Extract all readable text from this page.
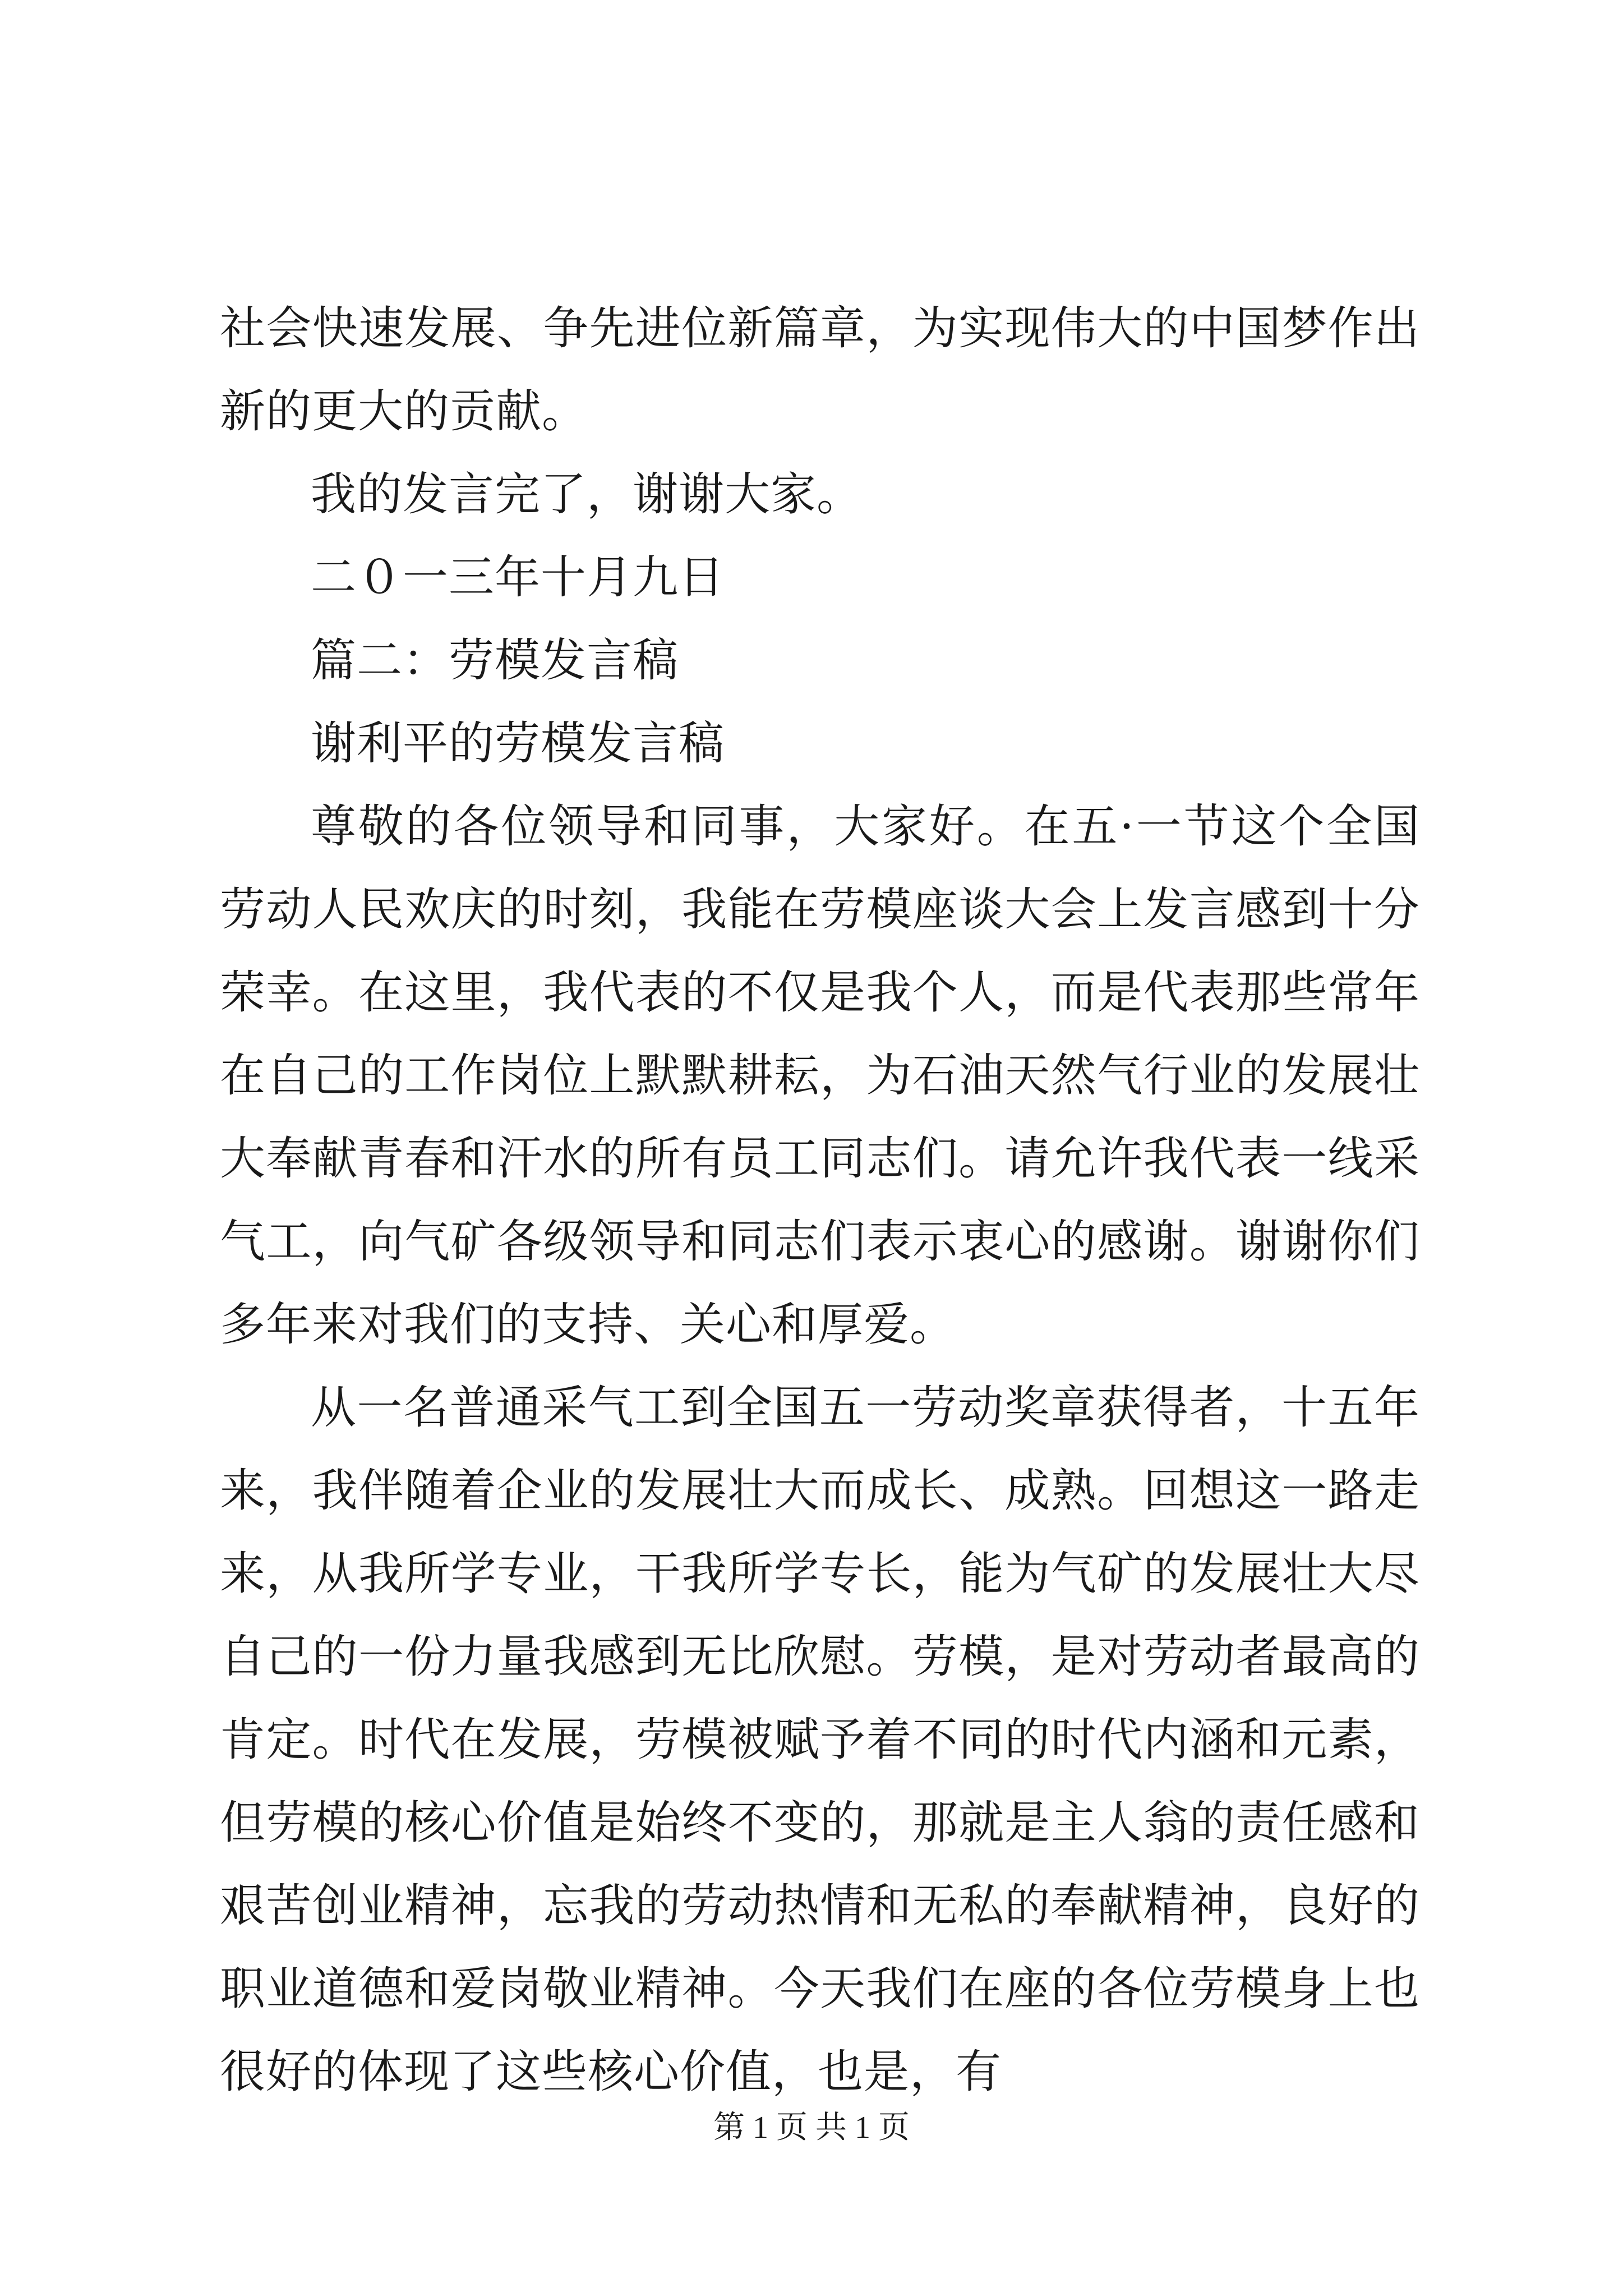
社会快速发展、争先进位新篇章，为实现伟大的中国梦作出新的更大的贡献。

我的发言完了，谢谢大家。

二０一三年十月九日

篇二：劳模发言稿

谢利平的劳模发言稿

尊敬的各位领导和同事，大家好。在五·一节这个全国劳动人民欢庆的时刻，我能在劳模座谈大会上发言感到十分荣幸。在这里，我代表的不仅是我个人，而是代表那些常年在自己的工作岗位上默默耕耘，为石油天然气行业的发展壮大奉献青春和汗水的所有员工同志们。请允许我代表一线采气工，向气矿各级领导和同志们表示衷心的感谢。谢谢你们多年来对我们的支持、关心和厚爱。

从一名普通采气工到全国五一劳动奖章获得者，十五年来，我伴随着企业的发展壮大而成长、成熟。回想这一路走来，从我所学专业，干我所学专长，能为气矿的发展壮大尽自己的一份力量我感到无比欣慰。劳模，是对劳动者最高的肯定。时代在发展，劳模被赋予着不同的时代内涵和元素，但劳模的核心价值是始终不变的，那就是主人翁的责任感和艰苦创业精神，忘我的劳动热情和无私的奉献精神，良好的职业道德和爱岗敬业精神。今天我们在座的各位劳模身上也很好的体现了这些核心价值，也是，有

第 1 页 共 1 页
